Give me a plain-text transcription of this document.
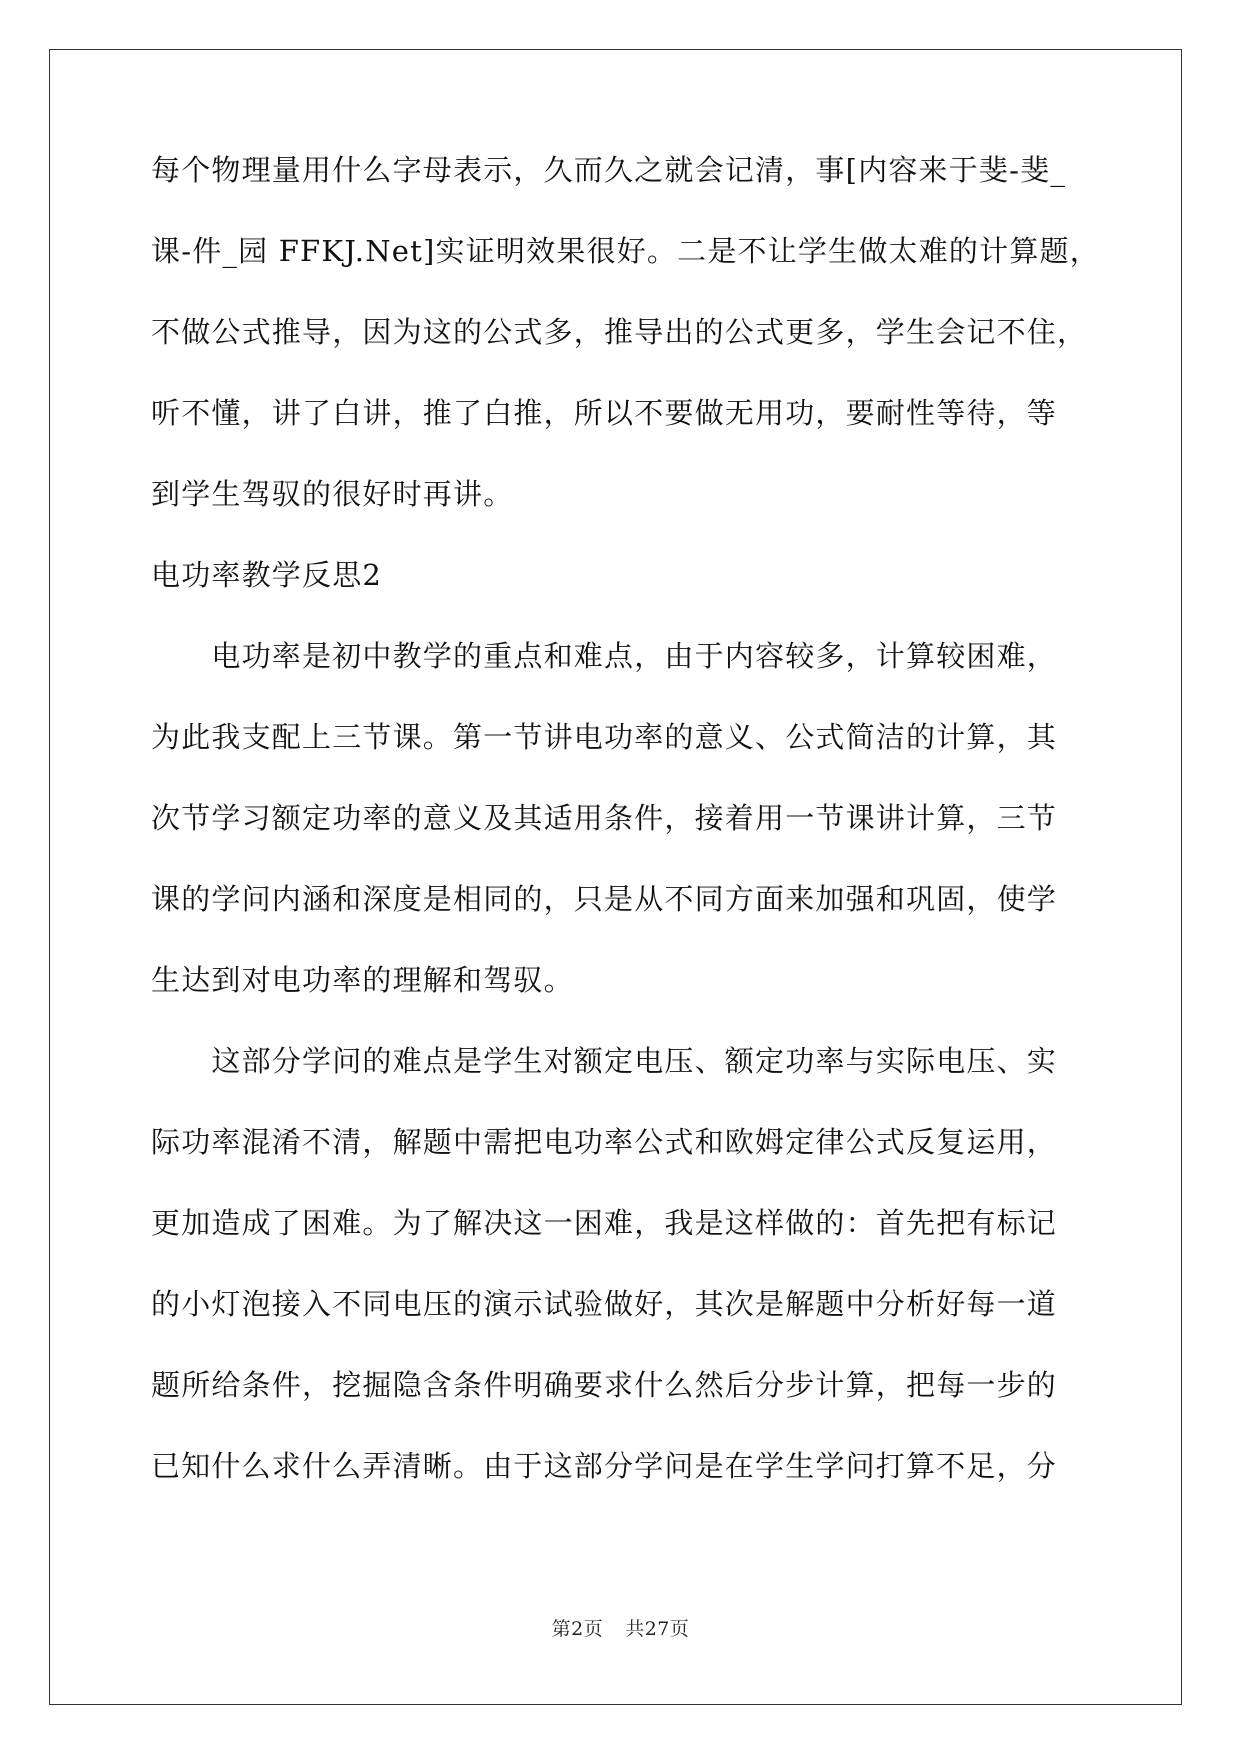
每个物理量用什么字母表示，久而久之就会记清，事[内容来于斐-斐_
课-件_园 FFKJ.Net]实证明效果很好。二是不让学生做太难的计算题，
不做公式推导，因为这的公式多，推导出的公式更多，学生会记不住，
听不懂，讲了白讲，推了白推，所以不要做无用功，要耐性等待，等
到学生驾驭的很好时再讲。
电功率教学反思2
　　电功率是初中教学的重点和难点，由于内容较多，计算较困难，
为此我支配上三节课。第一节讲电功率的意义、公式简洁的计算，其
次节学习额定功率的意义及其适用条件，接着用一节课讲计算，三节
课的学问内涵和深度是相同的，只是从不同方面来加强和巩固，使学
生达到对电功率的理解和驾驭。
　　这部分学问的难点是学生对额定电压、额定功率与实际电压、实
际功率混淆不清，解题中需把电功率公式和欧姆定律公式反复运用，
更加造成了困难。为了解决这一困难，我是这样做的：首先把有标记
的小灯泡接入不同电压的演示试验做好，其次是解题中分析好每一道
题所给条件，挖掘隐含条件明确要求什么然后分步计算，把每一步的
已知什么求什么弄清晰。由于这部分学问是在学生学问打算不足，分
第2页 共27页
